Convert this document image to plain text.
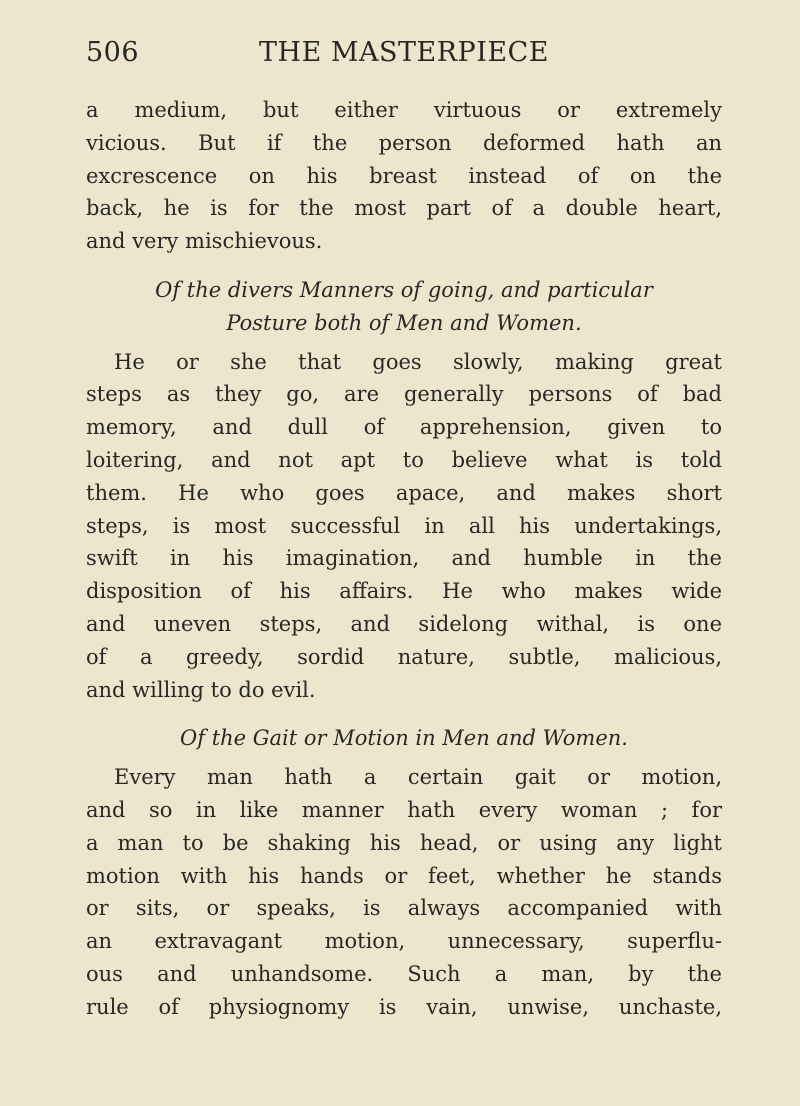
506	THE MASTERPIECE
a medium, but either virtuous or extremely
vicious. But if the person deformed hath an
excrescence on his breast instead of on the
back, he is for the most part of a double heart,
and very mischievous.
Of the divers Manners of going, and particular
Posture both of Men and Women.
He or she that goes slowly, making great
steps as they go, are generally persons of bad
memory, and dull of apprehension, given to
loitering, and not apt to believe what is told
them. He who goes apace, and makes short
steps, is most successful in all his undertakings,
swift in his imagination, and humble in the
disposition of his affairs. He who makes wide
and uneven steps, and sidelong withal, is one
of a greedy, sordid nature, subtle, malicious,
and willing to do evil.
Of the Gait or Motion in Men and Women.
Every man hath a certain gait or motion,
and so in like manner hath every woman ; for
a man to be shaking his head, or using any light
motion with his hands or feet, whether he stands
or sits, or speaks, is always accompanied with
an extravagant motion, unnecessary, superflu-
ous and unhandsome. Such a man, by the
rule of physiognomy is vain, unwise, unchaste,
